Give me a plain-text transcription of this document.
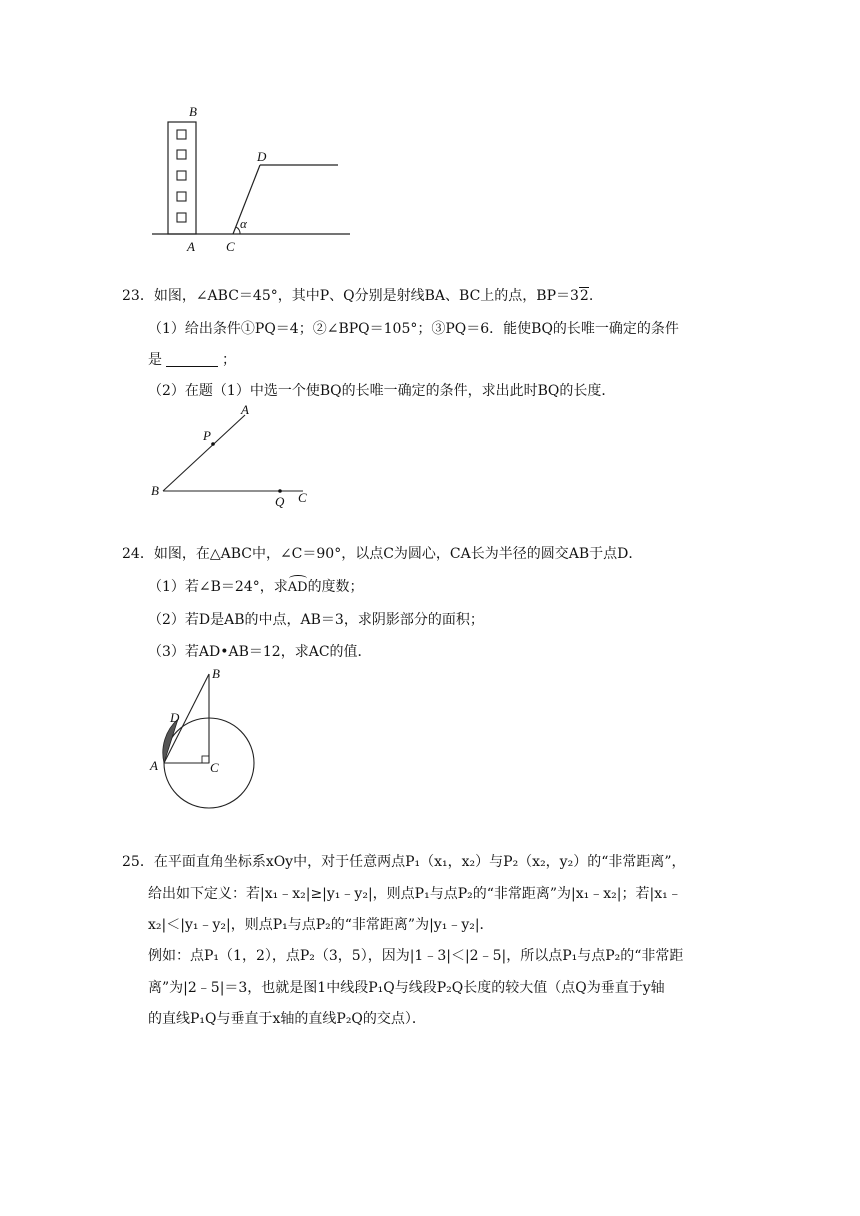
B
A C
D
α
23．如图，∠ABC＝45°，其中P、Q分别是射线BA、BC上的点，BP＝32.
（1）给出条件①PQ＝4；②∠BPQ＝105°；③PQ＝6．能使BQ的长唯一确定的条件
是	；
（2）在题（1）中选一个使BQ的长唯一确定的条件，求出此时BQ的长度．
A
P
B
Q C
24．如图，在△ABC中，∠C＝90°，以点C为圆心，CA长为半径的圆交AB于点D．
（1）若∠B＝24°，求AD的度数；
（2）若D是AB的中点，AB＝3，求阴影部分的面积；
（3）若AD•AB＝12，求AC的值．
B
D
A	C
25．在平面直角坐标系xOy中，对于任意两点P₁（x₁，x₂）与P₂（x₂，y₂）的“非常距离”，
给出如下定义：若|x₁﹣x₂|≥|y₁﹣y₂|，则点P₁与点P₂的“非常距离”为|x₁﹣x₂|；若|x₁﹣
x₂|＜|y₁﹣y₂|，则点P₁与点P₂的“非常距离”为|y₁﹣y₂|．
例如：点P₁（1，2），点P₂（3，5），因为|1﹣3|＜|2﹣5|，所以点P₁与点P₂的“非常距
离”为|2﹣5|＝3，也就是图1中线段P₁Q与线段P₂Q长度的较大值（点Q为垂直于y轴
的直线P₁Q与垂直于x轴的直线P₂Q的交点）．
